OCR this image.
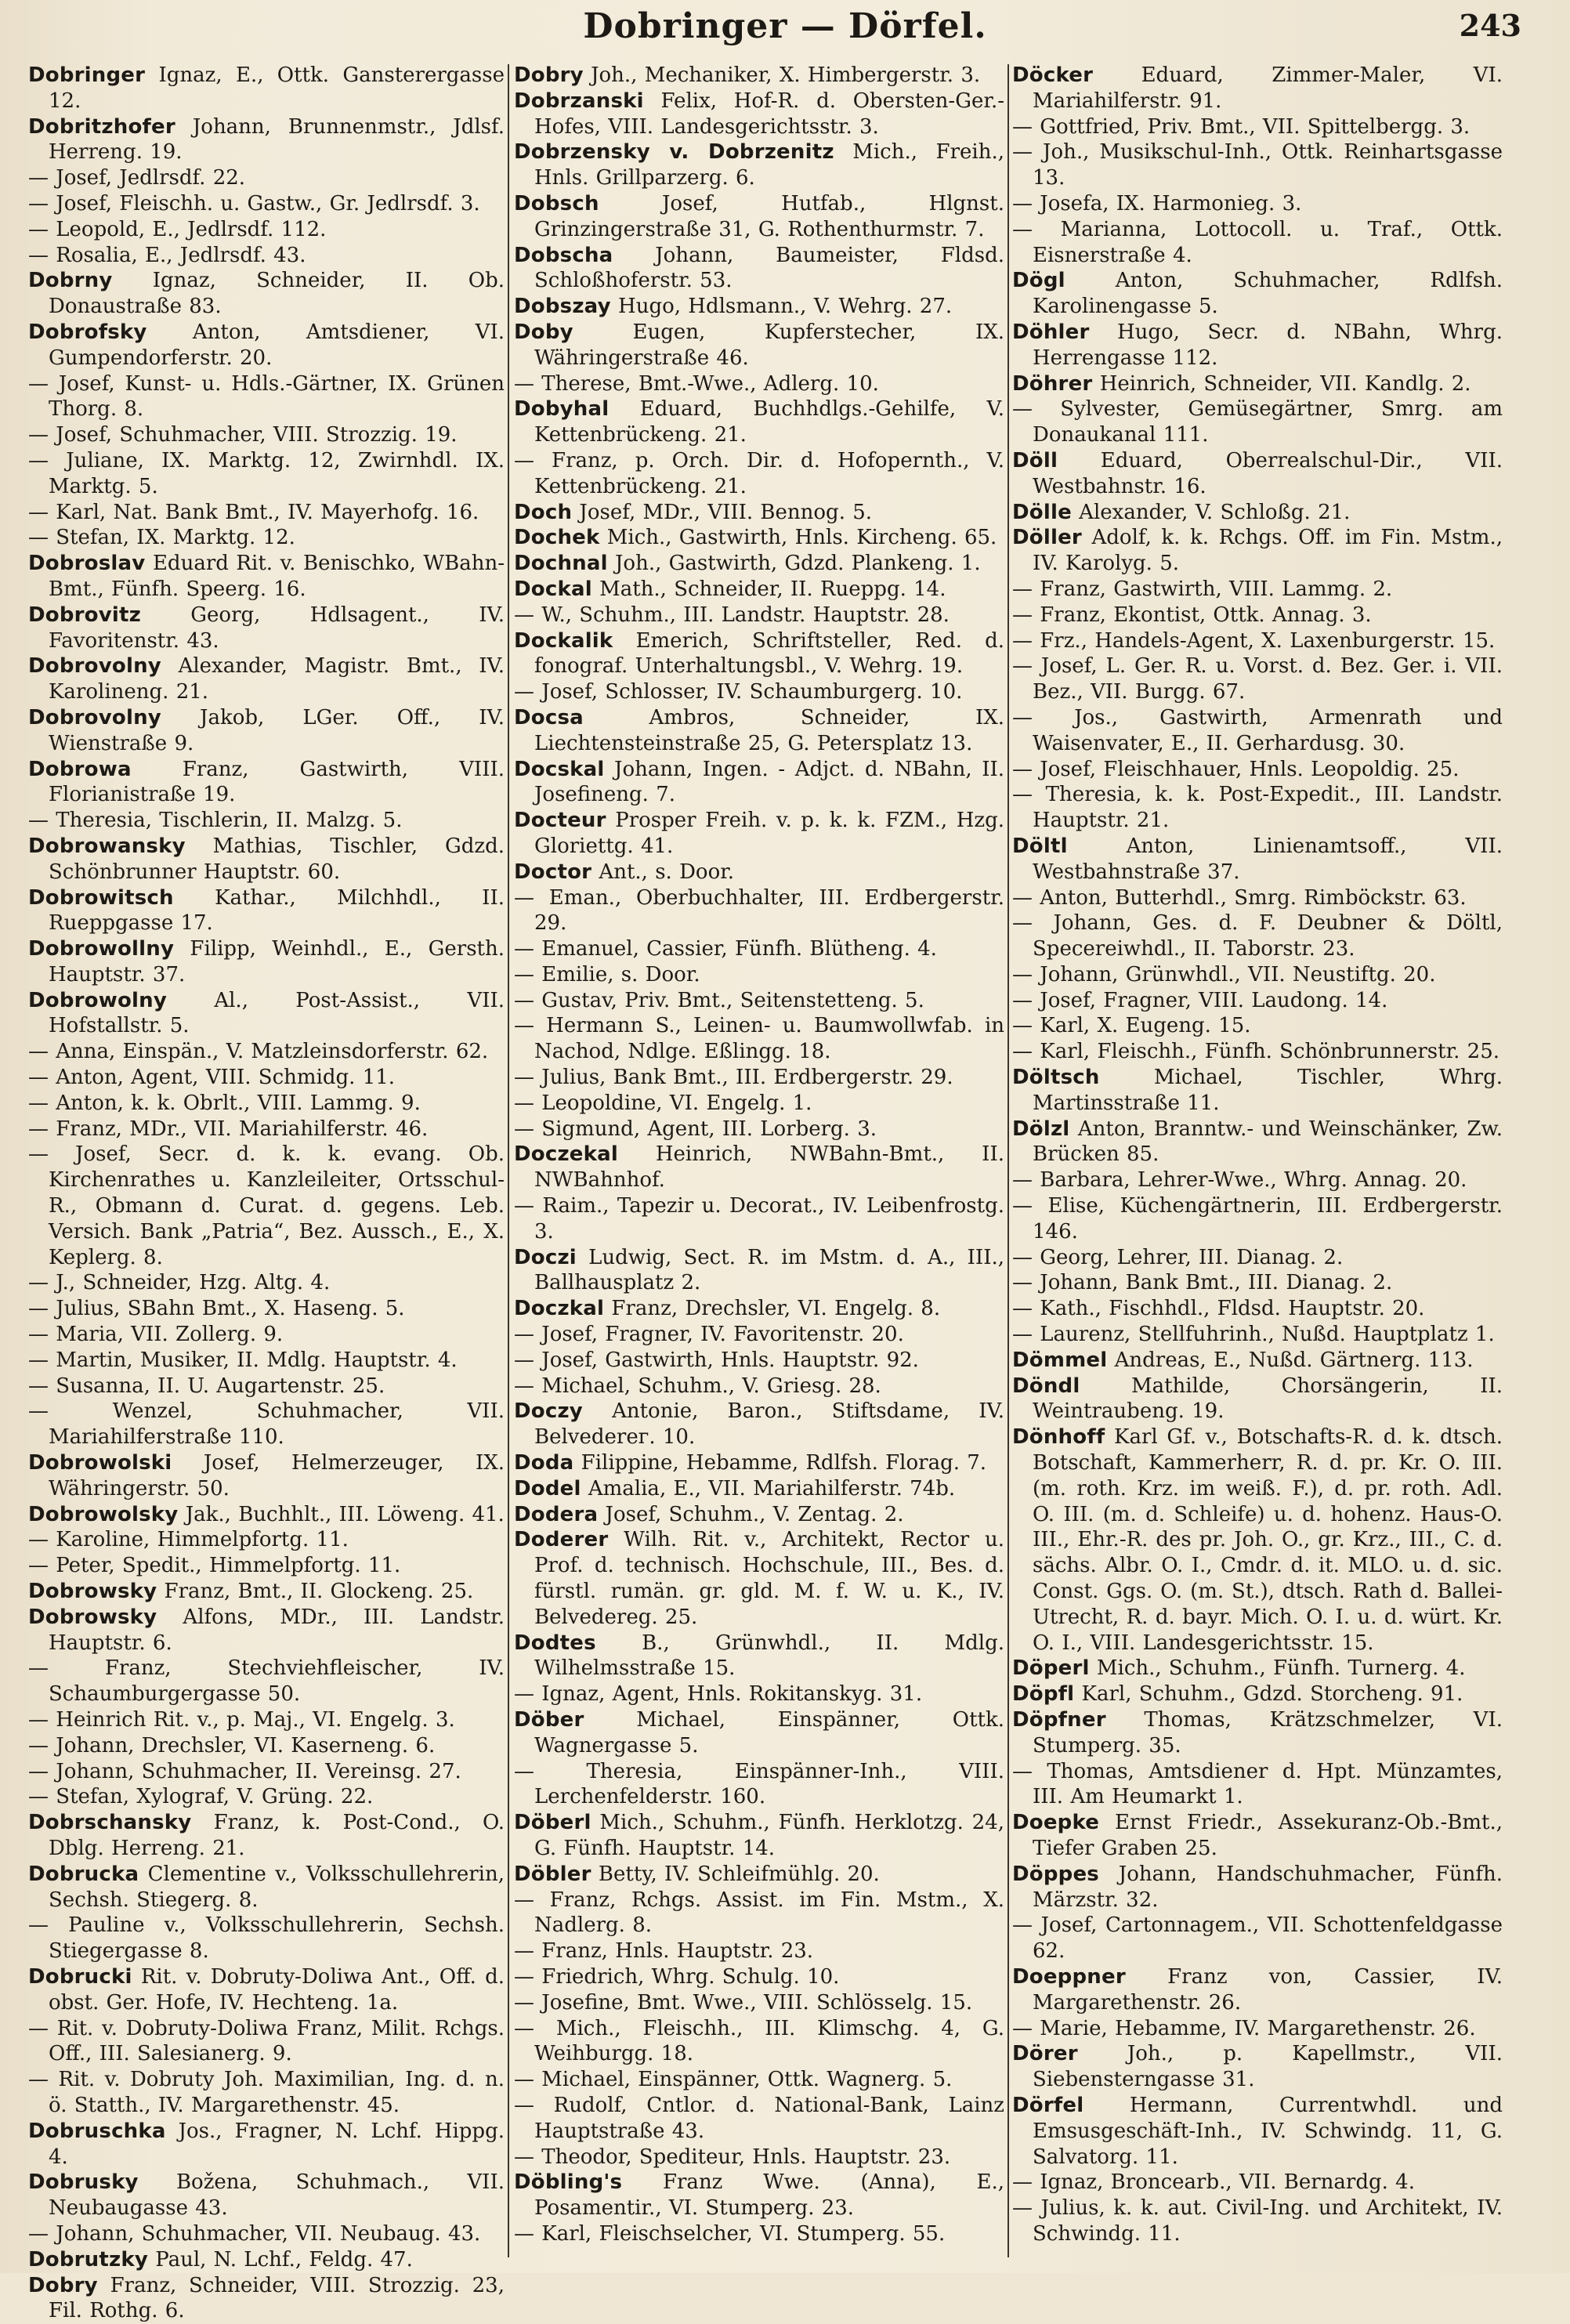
Dobringer — Dörfel.	243

Dobringer Ignaz, E., Ottk. Gansterergasse 12.

Dobritzhofer Johann, Brunnenmstr., Jdlsf. Herreng. 19.

— Josef, Jedlrsdf. 22.

— Josef, Fleischh. u. Gastw., Gr. Jedlrsdf. 3.

— Leopold, E., Jedlrsdf. 112.

— Rosalia, E., Jedlrsdf. 43.

Dobrny Ignaz, Schneider, II. Ob. Donaustraße 83.

Dobrofsky Anton, Amtsdiener, VI. Gumpendorferstr. 20.

— Josef, Kunst- u. Hdls.-Gärtner, IX. Grünen Thorg. 8.

— Josef, Schuhmacher, VIII. Strozzig. 19.

— Juliane, IX. Marktg. 12, Zwirnhdl. IX. Marktg. 5.

— Karl, Nat. Bank Bmt., IV. Mayerhofg. 16.

— Stefan, IX. Marktg. 12.

Dobroslav Eduard Rit. v. Benischko, WBahn-Bmt., Fünfh. Speerg. 16.

Dobrovitz Georg, Hdlsagent., IV. Favoritenstr. 43.

Dobrovolny Alexander, Magistr. Bmt., IV. Karolineng. 21.

Dobrovolny Jakob, LGer. Off., IV. Wienstraße 9.

Dobrowa Franz, Gastwirth, VIII. Florianistraße 19.

— Theresia, Tischlerin, II. Malzg. 5.

Dobrowansky Mathias, Tischler, Gdzd. Schönbrunner Hauptstr. 60.

Dobrowitsch Kathar., Milchhdl., II. Rueppgasse 17.

Dobrowollny Filipp, Weinhdl., E., Gersth. Hauptstr. 37.

Dobrowolny Al., Post-Assist., VII. Hofstallstr. 5.

— Anna, Einspän., V. Matzleinsdorferstr. 62.

— Anton, Agent, VIII. Schmidg. 11.

— Anton, k. k. Obrlt., VIII. Lammg. 9.

— Franz, MDr., VII. Mariahilferstr. 46.

— Josef, Secr. d. k. k. evang. Ob. Kirchenrathes u. Kanzleileiter, Ortsschul-R., Obmann d. Curat. d. gegens. Leb. Versich. Bank „Patria“, Bez. Aussch., E., X. Keplerg. 8.

— J., Schneider, Hzg. Altg. 4.

— Julius, SBahn Bmt., X. Haseng. 5.

— Maria, VII. Zollerg. 9.

— Martin, Musiker, II. Mdlg. Hauptstr. 4.

— Susanna, II. U. Augartenstr. 25.

— Wenzel, Schuhmacher, VII. Mariahilferstraße 110.

Dobrowolski Josef, Helmerzeuger, IX. Währingerstr. 50.

Dobrowolsky Jak., Buchhlt., III. Löweng. 41.

— Karoline, Himmelpfortg. 11.

— Peter, Spedit., Himmelpfortg. 11.

Dobrowsky Franz, Bmt., II. Glockeng. 25.

Dobrowsky Alfons, MDr., III. Landstr. Hauptstr. 6.

— Franz, Stechviehfleischer, IV. Schaumburgergasse 50.

— Heinrich Rit. v., p. Maj., VI. Engelg. 3.

— Johann, Drechsler, VI. Kaserneng. 6.

— Johann, Schuhmacher, II. Vereinsg. 27.

— Stefan, Xylograf, V. Grüng. 22.

Dobrschansky Franz, k. Post-Cond., O. Dblg. Herreng. 21.

Dobrucka Clementine v., Volksschullehrerin, Sechsh. Stiegerg. 8.

— Pauline v., Volksschullehrerin, Sechsh. Stiegergasse 8.

Dobrucki Rit. v. Dobruty-Doliwa Ant., Off. d. obst. Ger. Hofe, IV. Hechteng. 1a.

— Rit. v. Dobruty-Doliwa Franz, Milit. Rchgs. Off., III. Salesianerg. 9.

— Rit. v. Dobruty Joh. Maximilian, Ing. d. n. ö. Statth., IV. Margarethenstr. 45.

Dobruschka Jos., Fragner, N. Lchf. Hippg. 4.

Dobrusky Božena, Schuhmach., VII. Neubaugasse 43.

— Johann, Schuhmacher, VII. Neubaug. 43.

Dobrutzky Paul, N. Lchf., Feldg. 47.

Dobry Franz, Schneider, VIII. Strozzig. 23, Fil. Rothg. 6.

Dobry Joh., Mechaniker, X. Himbergerstr. 3.

Dobrzanski Felix, Hof-R. d. Obersten-Ger.-Hofes, VIII. Landesgerichtsstr. 3.

Dobrzensky v. Dobrzenitz Mich., Freih., Hnls. Grillparzerg. 6.

Dobsch Josef, Hutfab., Hlgnst. Grinzingerstraße 31, G. Rothenthurmstr. 7.

Dobscha Johann, Baumeister, Fldsd. Schloßhoferstr. 53.

Dobszay Hugo, Hdlsmann., V. Wehrg. 27.

Doby Eugen, Kupferstecher, IX. Währingerstraße 46.

— Therese, Bmt.-Wwe., Adlerg. 10.

Dobyhal Eduard, Buchhdlgs.-Gehilfe, V. Kettenbrückeng. 21.

— Franz, p. Orch. Dir. d. Hofopernth., V. Kettenbrückeng. 21.

Doch Josef, MDr., VIII. Bennog. 5.

Dochek Mich., Gastwirth, Hnls. Kircheng. 65.

Dochnal Joh., Gastwirth, Gdzd. Plankeng. 1.

Dockal Math., Schneider, II. Rueppg. 14.

— W., Schuhm., III. Landstr. Hauptstr. 28.

Dockalik Emerich, Schriftsteller, Red. d. fonograf. Unterhaltungsbl., V. Wehrg. 19.

— Josef, Schlosser, IV. Schaumburgerg. 10.

Docsa Ambros, Schneider, IX. Liechtensteinstraße 25, G. Petersplatz 13.

Docskal Johann, Ingen. - Adjct. d. NBahn, II. Josefineng. 7.

Docteur Prosper Freih. v. p. k. k. FZM., Hzg. Gloriettg. 41.

Doctor Ant., s. Door.

— Eman., Oberbuchhalter, III. Erdbergerstr. 29.

— Emanuel, Cassier, Fünfh. Blütheng. 4.

— Emilie, s. Door.

— Gustav, Priv. Bmt., Seitenstetteng. 5.

— Hermann S., Leinen- u. Baumwollwfab. in Nachod, Ndlge. Eßlingg. 18.

— Julius, Bank Bmt., III. Erdbergerstr. 29.

— Leopoldine, VI. Engelg. 1.

— Sigmund, Agent, III. Lorberg. 3.

Doczekal Heinrich, NWBahn-Bmt., II. NWBahnhof.

— Raim., Tapezir u. Decorat., IV. Leibenfrostg. 3.

Doczi Ludwig, Sect. R. im Mstm. d. A., III., Ballhausplatz 2.

Doczkal Franz, Drechsler, VI. Engelg. 8.

— Josef, Fragner, IV. Favoritenstr. 20.

— Josef, Gastwirth, Hnls. Hauptstr. 92.

— Michael, Schuhm., V. Griesg. 28.

Doczy Antonie, Baron., Stiftsdame, IV. Belvederег. 10.

Doda Filippine, Hebamme, Rdlfsh. Florag. 7.

Dodel Amalia, E., VII. Mariahilferstr. 74b.

Dodera Josef, Schuhm., V. Zentag. 2.

Doderer Wilh. Rit. v., Architekt, Rector u. Prof. d. technisch. Hochschule, III., Bes. d. fürstl. rumän. gr. gld. M. f. W. u. K., IV. Belvedereg. 25.

Dodtes B., Grünwhdl., II. Mdlg. Wilhelmsstraße 15.

— Ignaz, Agent, Hnls. Rokitanskyg. 31.

Döber Michael, Einspänner, Ottk. Wagnergasse 5.

— Theresia, Einspänner-Inh., VIII. Lerchenfelderstr. 160.

Döberl Mich., Schuhm., Fünfh. Herklotzg. 24, G. Fünfh. Hauptstr. 14.

Döbler Betty, IV. Schleifmühlg. 20.

— Franz, Rchgs. Assist. im Fin. Mstm., X. Nadlerg. 8.

— Franz, Hnls. Hauptstr. 23.

— Friedrich, Whrg. Schulg. 10.

— Josefine, Bmt. Wwe., VIII. Schlösselg. 15.

— Mich., Fleischh., III. Klimschg. 4, G. Weihburgg. 18.

— Michael, Einspänner, Ottk. Wagnerg. 5.

— Rudolf, Cntlor. d. National-Bank, Lainz Hauptstraße 43.

— Theodor, Spediteur, Hnls. Hauptstr. 23.

Döbling's Franz Wwe. (Anna), E., Posamentir., VI. Stumperg. 23.

— Karl, Fleischselcher, VI. Stumperg. 55.

Döcker Eduard, Zimmer-Maler, VI. Mariahilferstr. 91.

— Gottfried, Priv. Bmt., VII. Spittelbergg. 3.

— Joh., Musikschul-Inh., Ottk. Reinhartsgasse 13.

— Josefa, IX. Harmonieg. 3.

— Marianna, Lottocoll. u. Traf., Ottk. Eisnerstraße 4.

Dögl Anton, Schuhmacher, Rdlfsh. Karolinengasse 5.

Döhler Hugo, Secr. d. NBahn, Whrg. Herrengasse 112.

Döhrer Heinrich, Schneider, VII. Kandlg. 2.

— Sylvester, Gemüsegärtner, Smrg. am Donaukanal 111.

Döll Eduard, Oberrealschul-Dir., VII. Westbahnstr. 16.

Dölle Alexander, V. Schloßg. 21.

Döller Adolf, k. k. Rchgs. Off. im Fin. Mstm., IV. Karolyg. 5.

— Franz, Gastwirth, VIII. Lammg. 2.

— Franz, Ekontist, Ottk. Annag. 3.

— Frz., Handels-Agent, X. Laxenburgerstr. 15.

— Josef, L. Ger. R. u. Vorst. d. Bez. Ger. i. VII. Bez., VII. Burgg. 67.

— Jos., Gastwirth, Armenrath und Waisenvater, E., II. Gerhardusg. 30.

— Josef, Fleischhauer, Hnls. Leopoldig. 25.

— Theresia, k. k. Post-Expedit., III. Landstr. Hauptstr. 21.

Döltl Anton, Linienamtsoff., VII. Westbahnstraße 37.

— Anton, Butterhdl., Smrg. Rimböckstr. 63.

— Johann, Ges. d. F. Deubner & Döltl, Specereiwhdl., II. Taborstr. 23.

— Johann, Grünwhdl., VII. Neustiftg. 20.

— Josef, Fragner, VIII. Laudong. 14.

— Karl, X. Eugeng. 15.

— Karl, Fleischh., Fünfh. Schönbrunnerstr. 25.

Döltsch Michael, Tischler, Whrg. Martinsstraße 11.

Dölzl Anton, Branntw.- und Weinschänker, Zw. Brücken 85.

— Barbara, Lehrer-Wwe., Whrg. Annag. 20.

— Elise, Küchengärtnerin, III. Erdbergerstr. 146.

— Georg, Lehrer, III. Dianag. 2.

— Johann, Bank Bmt., III. Dianag. 2.

— Kath., Fischhdl., Fldsd. Hauptstr. 20.

— Laurenz, Stellfuhrinh., Nußd. Hauptplatz 1.

Dömmel Andreas, E., Nußd. Gärtnerg. 113.

Döndl Mathilde, Chorsängerin, II. Weintraubeng. 19.

Dönhoff Karl Gf. v., Botschafts-R. d. k. dtsch. Botschaft, Kammerherr, R. d. pr. Kr. O. III. (m. roth. Krz. im weiß. F.), d. pr. roth. Adl. O. III. (m. d. Schleife) u. d. hohenz. Haus-O. III., Ehr.-R. des pr. Joh. O., gr. Krz., III., C. d. sächs. Albr. O. I., Cmdr. d. it. MLO. u. d. sic. Const. Ggs. O. (m. St.), dtsch. Rath d. Ballei-Utrecht, R. d. bayr. Mich. O. I. u. d. würt. Kr. O. I., VIII. Landesgerichtsstr. 15.

Döperl Mich., Schuhm., Fünfh. Turnerg. 4.

Döpfl Karl, Schuhm., Gdzd. Storcheng. 91.

Döpfner Thomas, Krätzschmelzer, VI. Stumperg. 35.

— Thomas, Amtsdiener d. Hpt. Münzamtes, III. Am Heumarkt 1.

Doepke Ernst Friedr., Assekuranz-Ob.-Bmt., Tiefer Graben 25.

Döppes Johann, Handschuhmacher, Fünfh. Märzstr. 32.

— Josef, Cartonnagem., VII. Schottenfeldgasse 62.

Doeppner Franz von, Cassier, IV. Margarethenstr. 26.

— Marie, Hebamme, IV. Margarethenstr. 26.

Dörer Joh., p. Kapellmstr., VII. Siebensterngasse 31.

Dörfel Hermann, Currentwhdl. und Emsusgeschäft-Inh., IV. Schwindg. 11, G. Salvatorg. 11.

— Ignaz, Broncearb., VII. Bernardg. 4.

— Julius, k. k. aut. Civil-Ing. und Architekt, IV. Schwindg. 11.
